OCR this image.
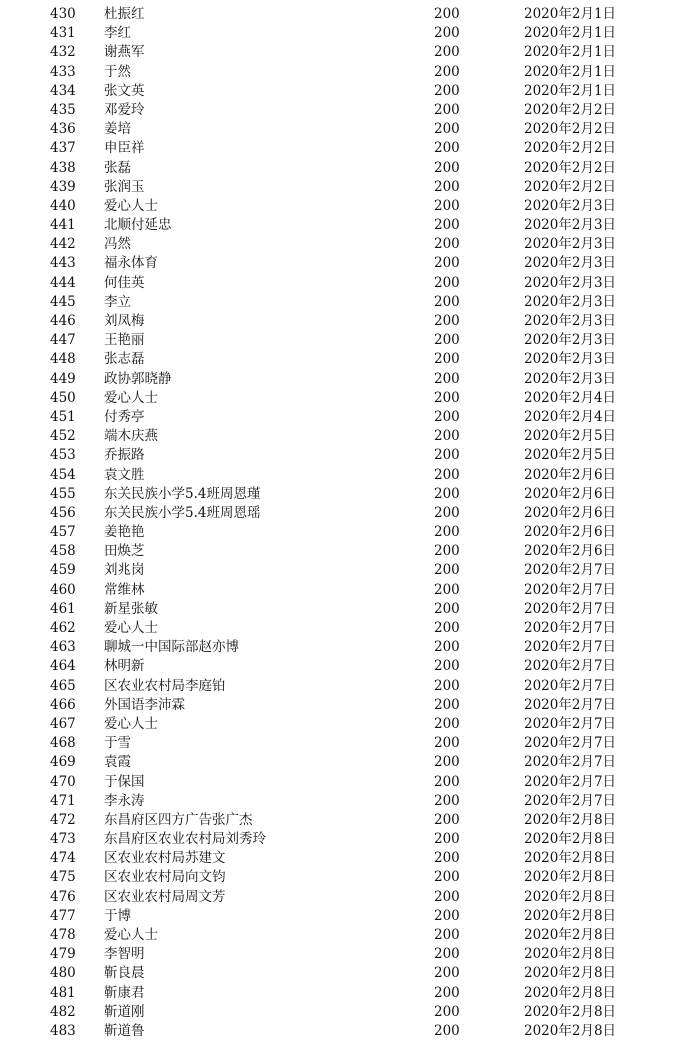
430	杜振红	200	2020年2月1日
431	李红	200	2020年2月1日
432	谢燕军	200	2020年2月1日
433	于然	200	2020年2月1日
434	张文英	200	2020年2月1日
435	邓爱玲	200	2020年2月2日
436	姜培	200	2020年2月2日
437	申臣祥	200	2020年2月2日
438	张磊	200	2020年2月2日
439	张润玉	200	2020年2月2日
440	爱心人士	200	2020年2月3日
441	北顺付延忠	200	2020年2月3日
442	冯然	200	2020年2月3日
443	福永体育	200	2020年2月3日
444	何佳英	200	2020年2月3日
445	李立	200	2020年2月3日
446	刘凤梅	200	2020年2月3日
447	王艳丽	200	2020年2月3日
448	张志磊	200	2020年2月3日
449	政协郭晓静	200	2020年2月3日
450	爱心人士	200	2020年2月4日
451	付秀亭	200	2020年2月4日
452	端木庆燕	200	2020年2月5日
453	乔振路	200	2020年2月5日
454	袁文胜	200	2020年2月6日
455	东关民族小学5.4班周恩瑾	200	2020年2月6日
456	东关民族小学5.4班周恩瑶	200	2020年2月6日
457	姜艳艳	200	2020年2月6日
458	田焕芝	200	2020年2月6日
459	刘兆岗	200	2020年2月7日
460	常维林	200	2020年2月7日
461	新星张敏	200	2020年2月7日
462	爱心人士	200	2020年2月7日
463	聊城一中国际部赵亦博	200	2020年2月7日
464	林明新	200	2020年2月7日
465	区农业农村局李庭铂	200	2020年2月7日
466	外国语李沛霖	200	2020年2月7日
467	爱心人士	200	2020年2月7日
468	于雪	200	2020年2月7日
469	袁霞	200	2020年2月7日
470	于保国	200	2020年2月7日
471	李永涛	200	2020年2月7日
472	东昌府区四方广告张广杰	200	2020年2月8日
473	东昌府区农业农村局刘秀玲	200	2020年2月8日
474	区农业农村局苏建文	200	2020年2月8日
475	区农业农村局向文钧	200	2020年2月8日
476	区农业农村局周文芳	200	2020年2月8日
477	于博	200	2020年2月8日
478	爱心人士	200	2020年2月8日
479	李智明	200	2020年2月8日
480	靳良晨	200	2020年2月8日
481	靳康君	200	2020年2月8日
482	靳道刚	200	2020年2月8日
483	靳道鲁	200	2020年2月8日
